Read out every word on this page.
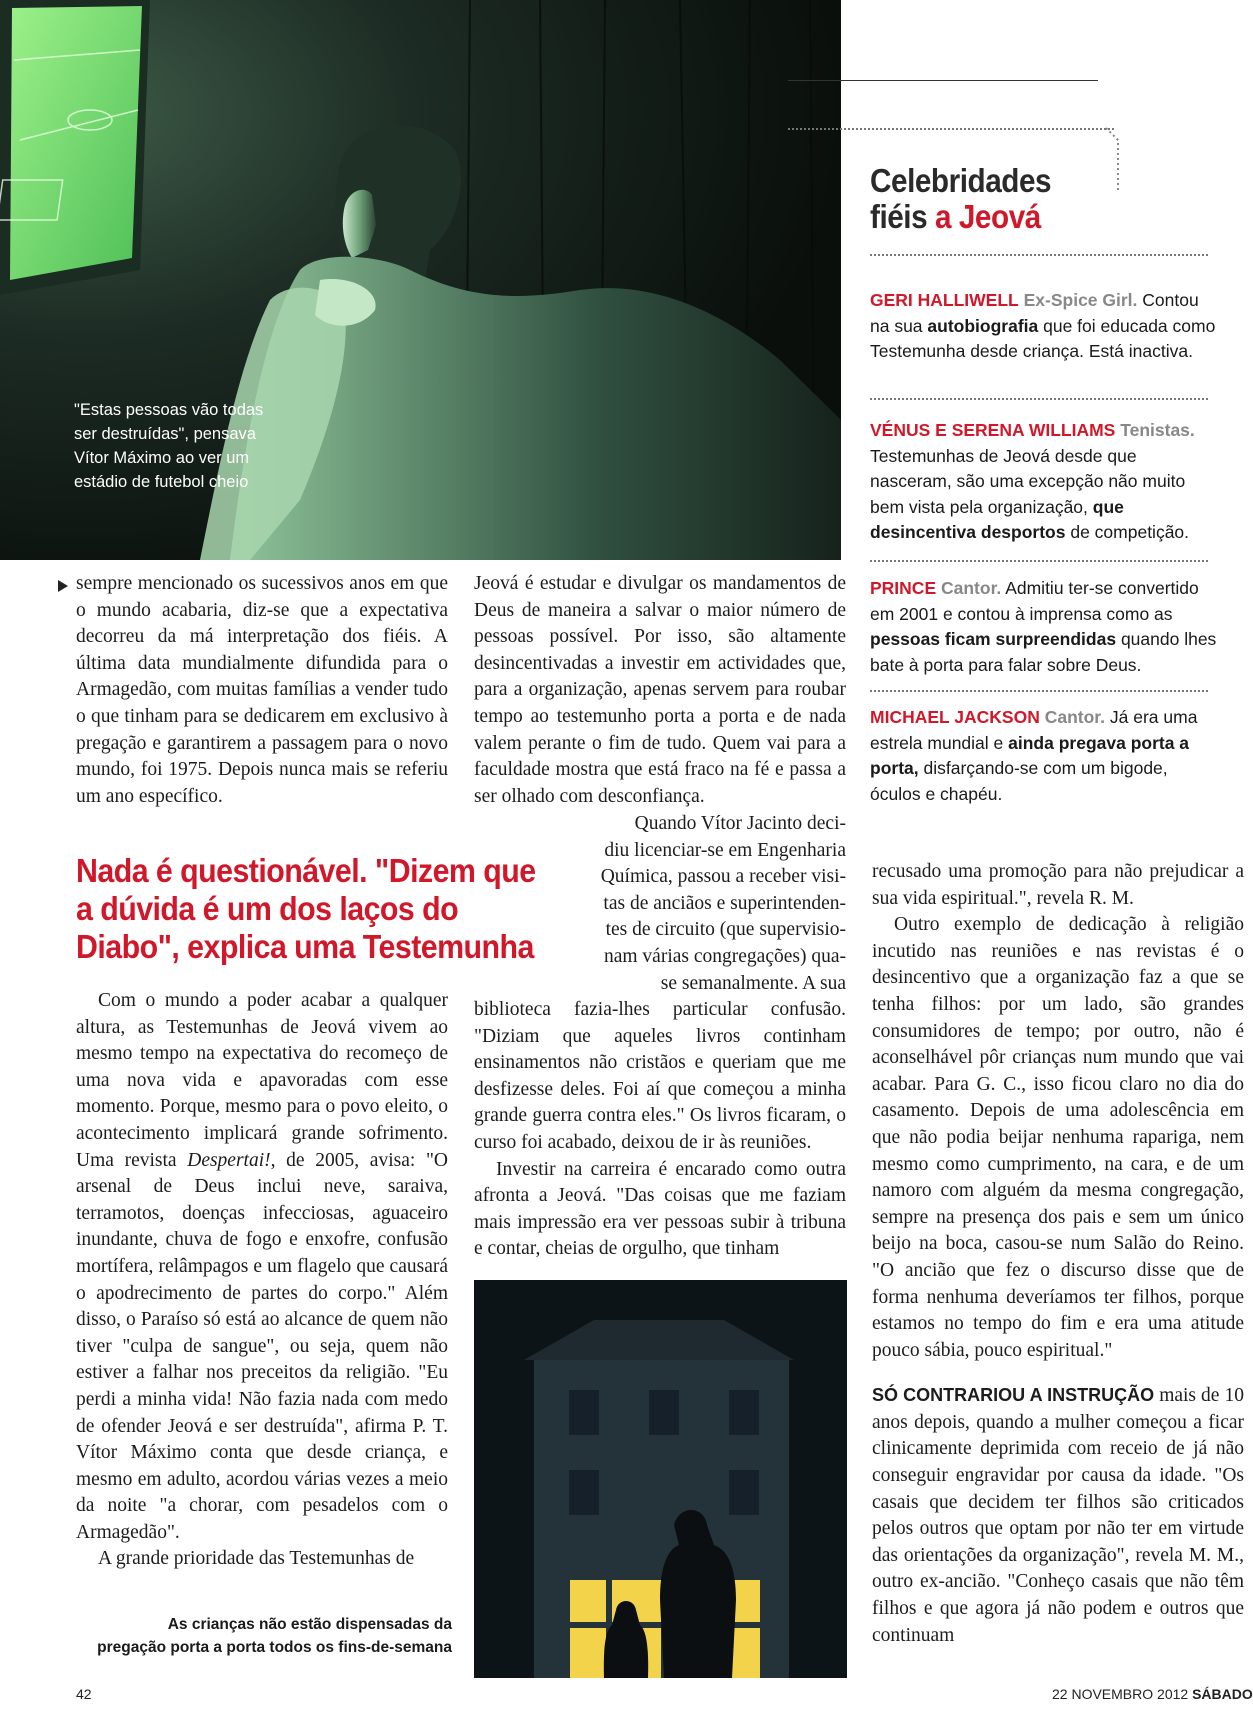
"Estas pessoas vão todas ser destruídas", pensava Vítor Máximo ao ver um estádio de futebol cheio
Celebridades
fiéis a Jeová
GERI HALLIWELL Ex-Spice Girl. Contou na sua autobiografia que foi educada como Testemunha desde criança. Está inactiva.
VÉNUS E SERENA WILLIAMS Tenistas. Testemunhas de Jeová desde que nasceram, são uma excepção não muito bem vista pela organização, que desincentiva desportos de competição.
PRINCE Cantor. Admitiu ter-se convertido em 2001 e contou à imprensa como as pessoas ficam surpreendidas quando lhes bate à porta para falar sobre Deus.
MICHAEL JACKSON Cantor. Já era uma estrela mundial e ainda pregava porta a porta, disfarçando-se com um bigode, óculos e chapéu.

sempre mencionado os sucessivos anos em que o mundo acabaria, diz-se que a expectativa decorreu da má interpretação dos fiéis. A última data mundialmente difundida para o Armagedão, com muitas famílias a vender tudo o que tinham para se dedicarem em exclusivo à pregação e garantirem a passagem para o novo mundo, foi 1975. Depois nunca mais se referiu um ano específico.

Nada é questionável. "Dizem que a dúvida é um dos laços do Diabo", explica uma Testemunha

Com o mundo a poder acabar a qualquer altura, as Testemunhas de Jeová vivem ao mesmo tempo na expectativa do recomeço de uma nova vida e apavoradas com esse momento. Porque, mesmo para o povo eleito, o acontecimento implicará grande sofrimento. Uma revista Despertai!, de 2005, avisa: "O arsenal de Deus inclui neve, saraiva, terramotos, doenças infecciosas, aguaceiro inundante, chuva de fogo e enxofre, confusão mortífera, relâmpagos e um flagelo que causará o apodrecimento de partes do corpo." Além disso, o Paraíso só está ao alcance de quem não tiver "culpa de sangue", ou seja, quem não estiver a falhar nos preceitos da religião. "Eu perdi a minha vida! Não fazia nada com medo de ofender Jeová e ser destruída", afirma P. T. Vítor Máximo conta que desde criança, e mesmo em adulto, acordou várias vezes a meio da noite "a chorar, com pesadelos com o Armagedão".

A grande prioridade das Testemunhas de

Jeová é estudar e divulgar os mandamentos de Deus de maneira a salvar o maior número de pessoas possível. Por isso, são altamente desincentivadas a investir em actividades que, para a organização, apenas servem para roubar tempo ao testemunho porta a porta e de nada valem perante o fim de tudo. Quem vai para a faculdade mostra que está fraco na fé e passa a ser olhado com desconfiança.

Quando Vítor Jacinto deci-
diu licenciar-se em Engenharia
Química, passou a receber visi-
tas de anciãos e superintenden-
tes de circuito (que supervisio-
nam várias congregações) qua-
se semanalmente. A sua

biblioteca fazia-lhes particular confusão. "Diziam que aqueles livros continham ensinamentos não cristãos e queriam que me desfizesse deles. Foi aí que começou a minha grande guerra contra eles." Os livros ficaram, o curso foi acabado, deixou de ir às reuniões.

Investir na carreira é encarado como outra afronta a Jeová. "Das coisas que me faziam mais impressão era ver pessoas subir à tribuna e contar, cheias de orgulho, que tinham

As crianças não estão dispensadas da pregação porta a porta todos os fins-de-semana

recusado uma promoção para não prejudicar a sua vida espiritual.", revela R. M.

Outro exemplo de dedicação à religião incutido nas reuniões e nas revistas é o desincentivo que a organização faz a que se tenha filhos: por um lado, são grandes consumidores de tempo; por outro, não é aconselhável pôr crianças num mundo que vai acabar. Para G. C., isso ficou claro no dia do casamento. Depois de uma adolescência em que não podia beijar nenhuma rapariga, nem mesmo como cumprimento, na cara, e de um namoro com alguém da mesma congregação, sempre na presença dos pais e sem um único beijo na boca, casou-se num Salão do Reino. "O ancião que fez o discurso disse que de forma nenhuma deveríamos ter filhos, porque estamos no tempo do fim e era uma atitude pouco sábia, pouco espiritual."

SÓ CONTRARIOU A INSTRUÇÃO mais de 10 anos depois, quando a mulher começou a ficar clinicamente deprimida com receio de já não conseguir engravidar por causa da idade. "Os casais que decidem ter filhos são criticados pelos outros que optam por não ter em virtude das orientações da organização", revela M. M., outro ex-ancião. "Conheço casais que não têm filhos e que agora já não podem e outros que continuam

42	22 NOVEMBRO 2012 SÁBADO
